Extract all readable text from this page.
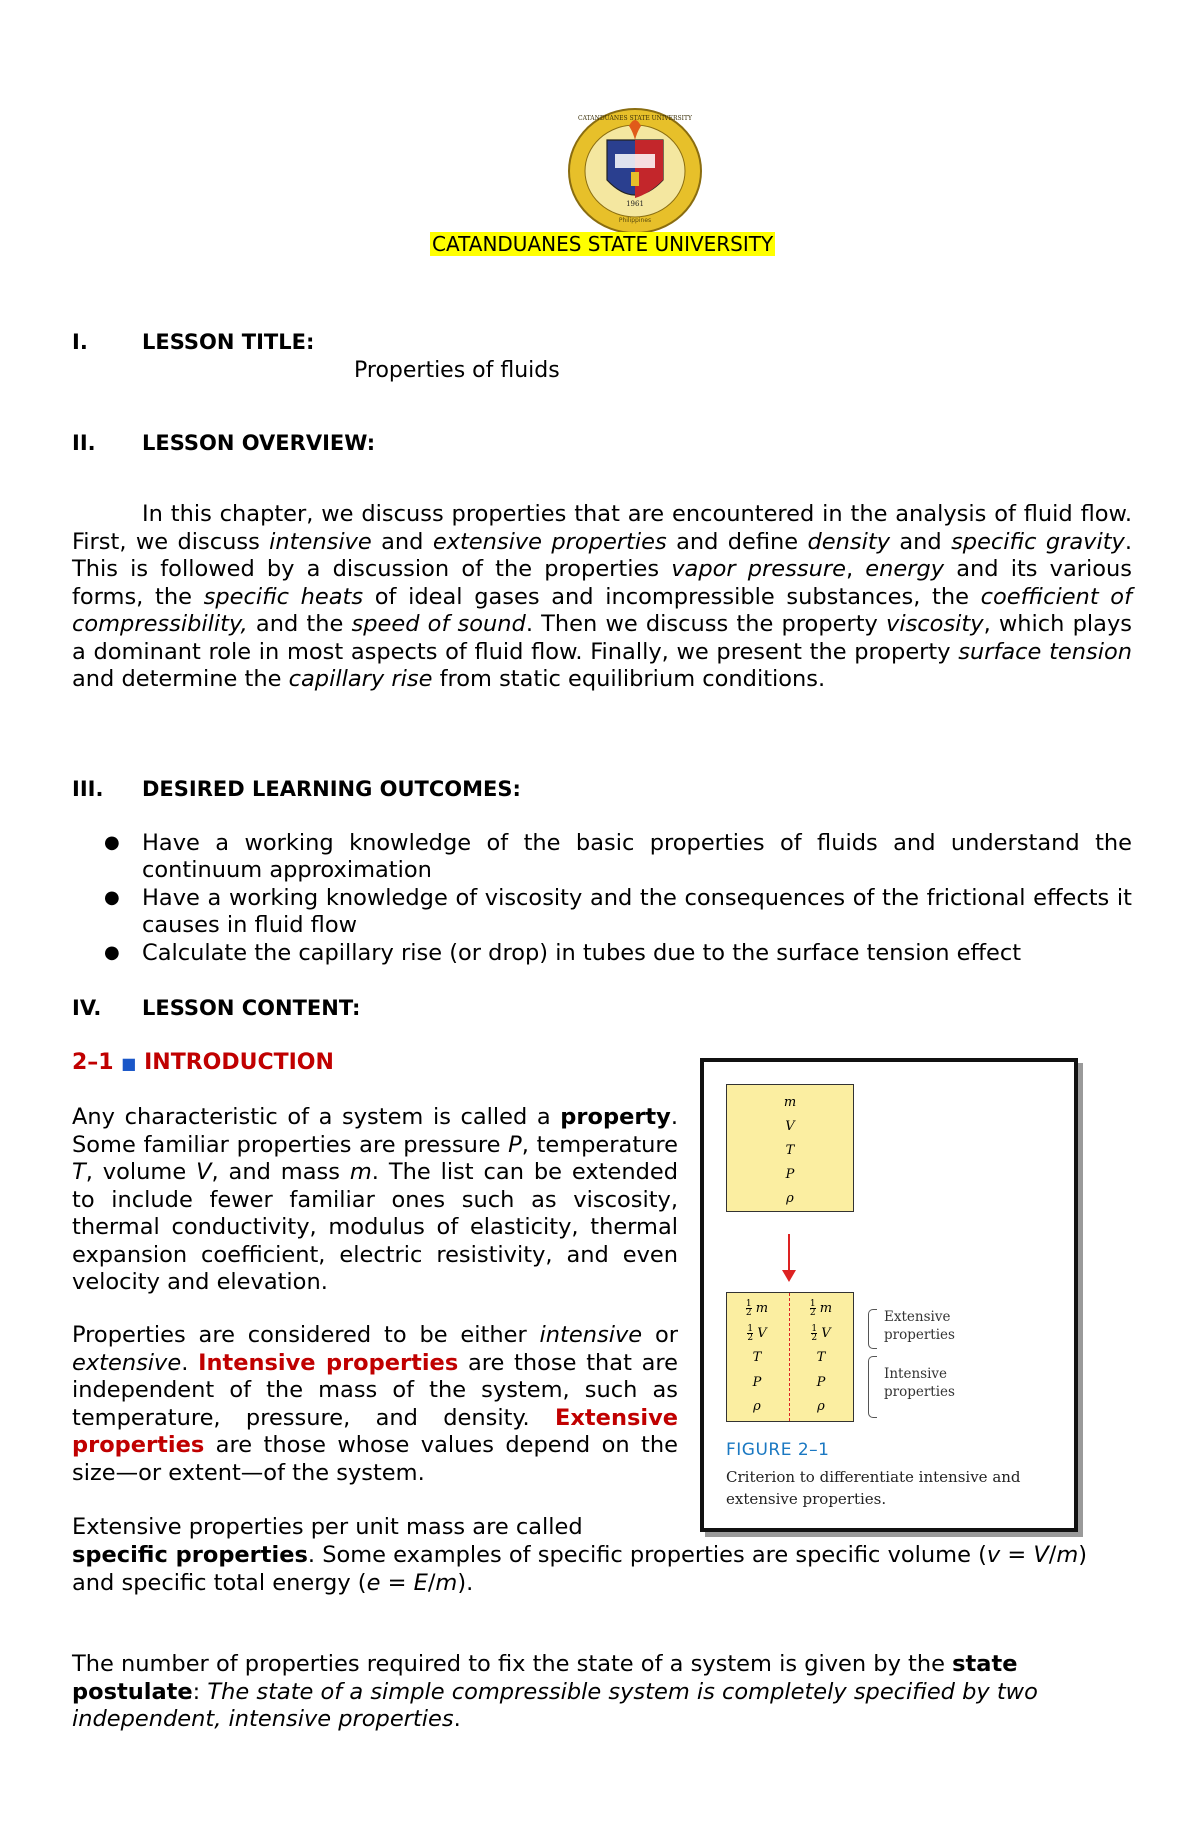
1961
Philippines
CATANDUANES STATE UNIVERSITY
CATANDUANES STATE UNIVERSITY
I.	LESSON TITLE:
Properties of fluids
II. LESSON OVERVIEW:

In this chapter, we discuss properties that are encountered in the analysis of fluid flow. First, we discuss intensive and extensive properties and define density and specific gravity. This is followed by a discussion of the properties vapor pressure, energy and its various forms, the specific heats of ideal gases and incompressible substances, the coefficient of compressibility, and the speed of sound. Then we discuss the property viscosity, which plays a dominant role in most aspects of fluid flow. Finally, we present the property surface tension and determine the capillary rise from static equilibrium conditions.

III. DESIRED LEARNING OUTCOMES:
● Have a working knowledge of the basic properties of fluids and understand the continuum approximation
● Have a working knowledge of viscosity and the consequences of the frictional effects it causes in fluid flow
● Calculate the capillary rise (or drop) in tubes due to the surface tension effect
IV. LESSON CONTENT:
2–1 ■ INTRODUCTION

Any characteristic of a system is called a property. Some familiar properties are pressure P, temperature T, volume V, and mass m. The list can be extended to include fewer familiar ones such as viscosity, thermal conductivity, modulus of elasticity, thermal expansion coefficient, electric resistivity, and even velocity and elevation.

Properties are considered to be either intensive or extensive. Intensive properties are those that are independent of the mass of the system, such as temperature, pressure, and density. Extensive properties are those whose values depend on the size—or extent—of the system.

Extensive properties per unit mass are called

specific properties. Some examples of specific properties are specific volume (v = V/m) and specific total energy (e = E/m).

The number of properties required to fix the state of a system is given by the state postulate: The state of a simple compressible system is completely specified by two independent, intensive properties.

m
V
T
P
ρ
$\frac{1}{2}$ m
$\frac{1}{2}$ V
T
P
ρ
$\frac{1}{2}$ m
$\frac{1}{2}$ V
T
P
ρ
Extensive properties
Intensive properties
FIGURE 2–1
Criterion to differentiate intensive and extensive properties.
